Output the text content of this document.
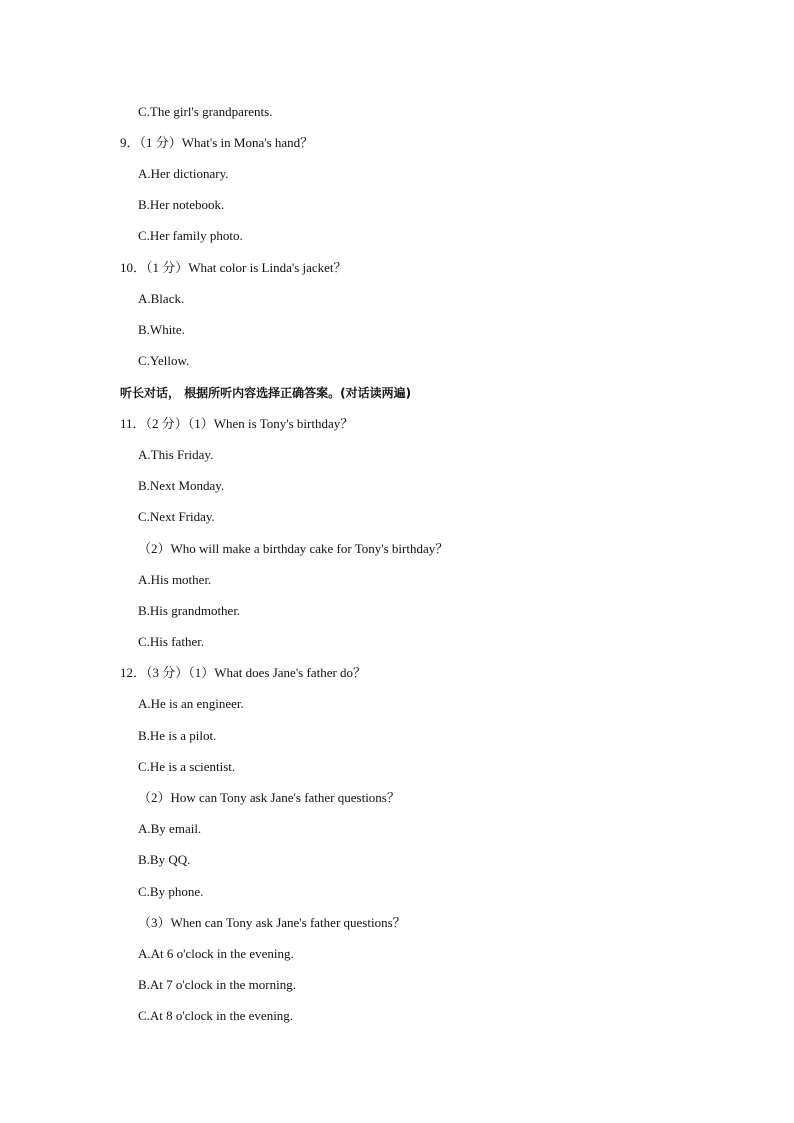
C.The girl's grandparents.
9．（1 分）What's in Mona's hand？
A.Her dictionary.
B.Her notebook.
C.Her family photo.
10．（1 分）What color is Linda's jacket？
A.Black.
B.White.
C.Yellow.
听长对话， 根据所听内容选择正确答案。(对话读两遍)
11．（2 分）（1）When is Tony's birthday？
A.This Friday.
B.Next Monday.
C.Next Friday.
（2）Who will make a birthday cake for Tony's birthday？
A.His mother.
B.His grandmother.
C.His father.
12．（3 分）（1）What does Jane's father do？
A.He is an engineer.
B.He is a pilot.
C.He is a scientist.
（2）How can Tony ask Jane's father questions？
A.By email.
B.By QQ.
C.By phone.
（3）When can Tony ask Jane's father questions？
A.At 6 o'clock in the evening.
B.At 7 o'clock in the morning.
C.At 8 o'clock in the evening.
